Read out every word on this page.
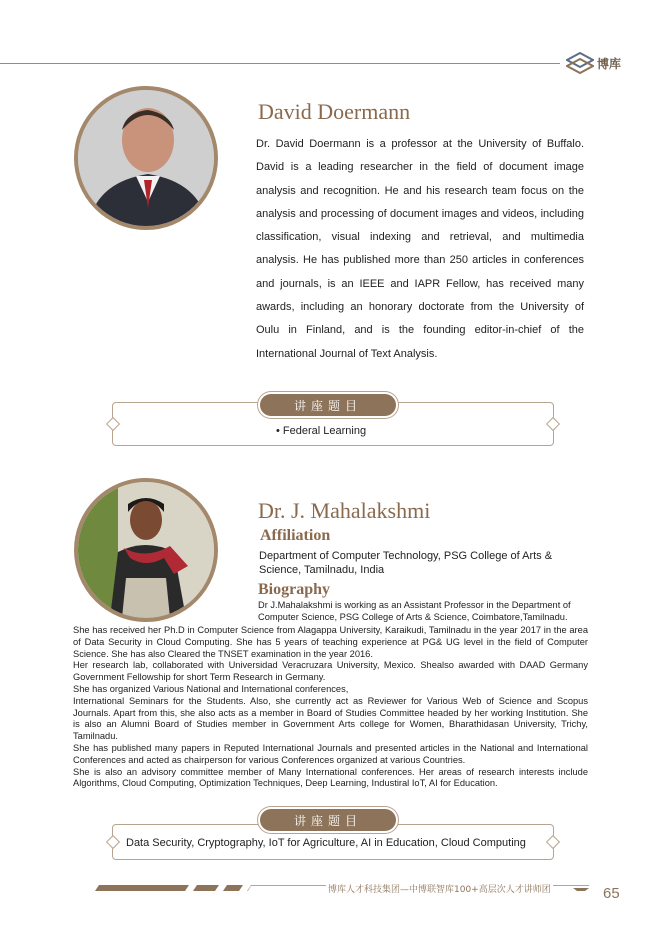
博库
David Doermann

Dr. David Doermann is a professor at the University of Buffalo. David is a leading researcher in the field of document image analysis and recognition. He and his research team focus on the analysis and processing of document images and videos, including classification, visual indexing and retrieval, and multimedia analysis. He has published more than 250 articles in conferences and journals, is an IEEE and IAPR Fellow, has received many awards, including an honorary doctorate from the University of Oulu in Finland, and is the founding editor-in-chief of the International Journal of Text Analysis.

讲座题目
• Federal Learning
Dr. J. Mahalakshmi
Affiliation

Department of Computer Technology, PSG College of Arts & Science, Tamilnadu, India

Biography

Dr J.Mahalakshmi is working as an Assistant Professor in the Department of Computer Science, PSG College of Arts & Science, Coimbatore,Tamilnadu.

She has received her Ph.D in Computer Science from Alagappa University, Karaikudi, Tamilnadu in the year 2017 in the area of Data Security in Cloud Computing. She has 5 years of teaching experience at PG& UG level in the field of Computer Science. She has also Cleared the TNSET examination in the year 2016.

Her research lab, collaborated with Universidad Veracruzara University, Mexico. Shealso awarded with DAAD Germany Government Fellowship for short Term Research in Germany.

She has organized Various National and International conferences,

International Seminars for the Students. Also, she currently act as Reviewer for Various Web of Science and Scopus Journals. Apart from this, she also acts as a member in Board of Studies Committee headed by her working Institution. She is also an Alumni Board of Studies member in Government Arts college for Women, Bharathidasan University, Trichy, Tamilnadu.

She has published many papers in Reputed International Journals and presented articles in the National and International Conferences and acted as chairperson for various Conferences organized at various Countries.

She is also an advisory committee member of Many International conferences. Her areas of research interests include Algorithms, Cloud Computing, Optimization Techniques, Deep Learning, Industiral IoT, AI for Education.

讲座题目
Data Security, Cryptography, IoT for Agriculture, AI in Education, Cloud Computing
博库人才科技集团—中博联智库100+高层次人才讲师团	65
